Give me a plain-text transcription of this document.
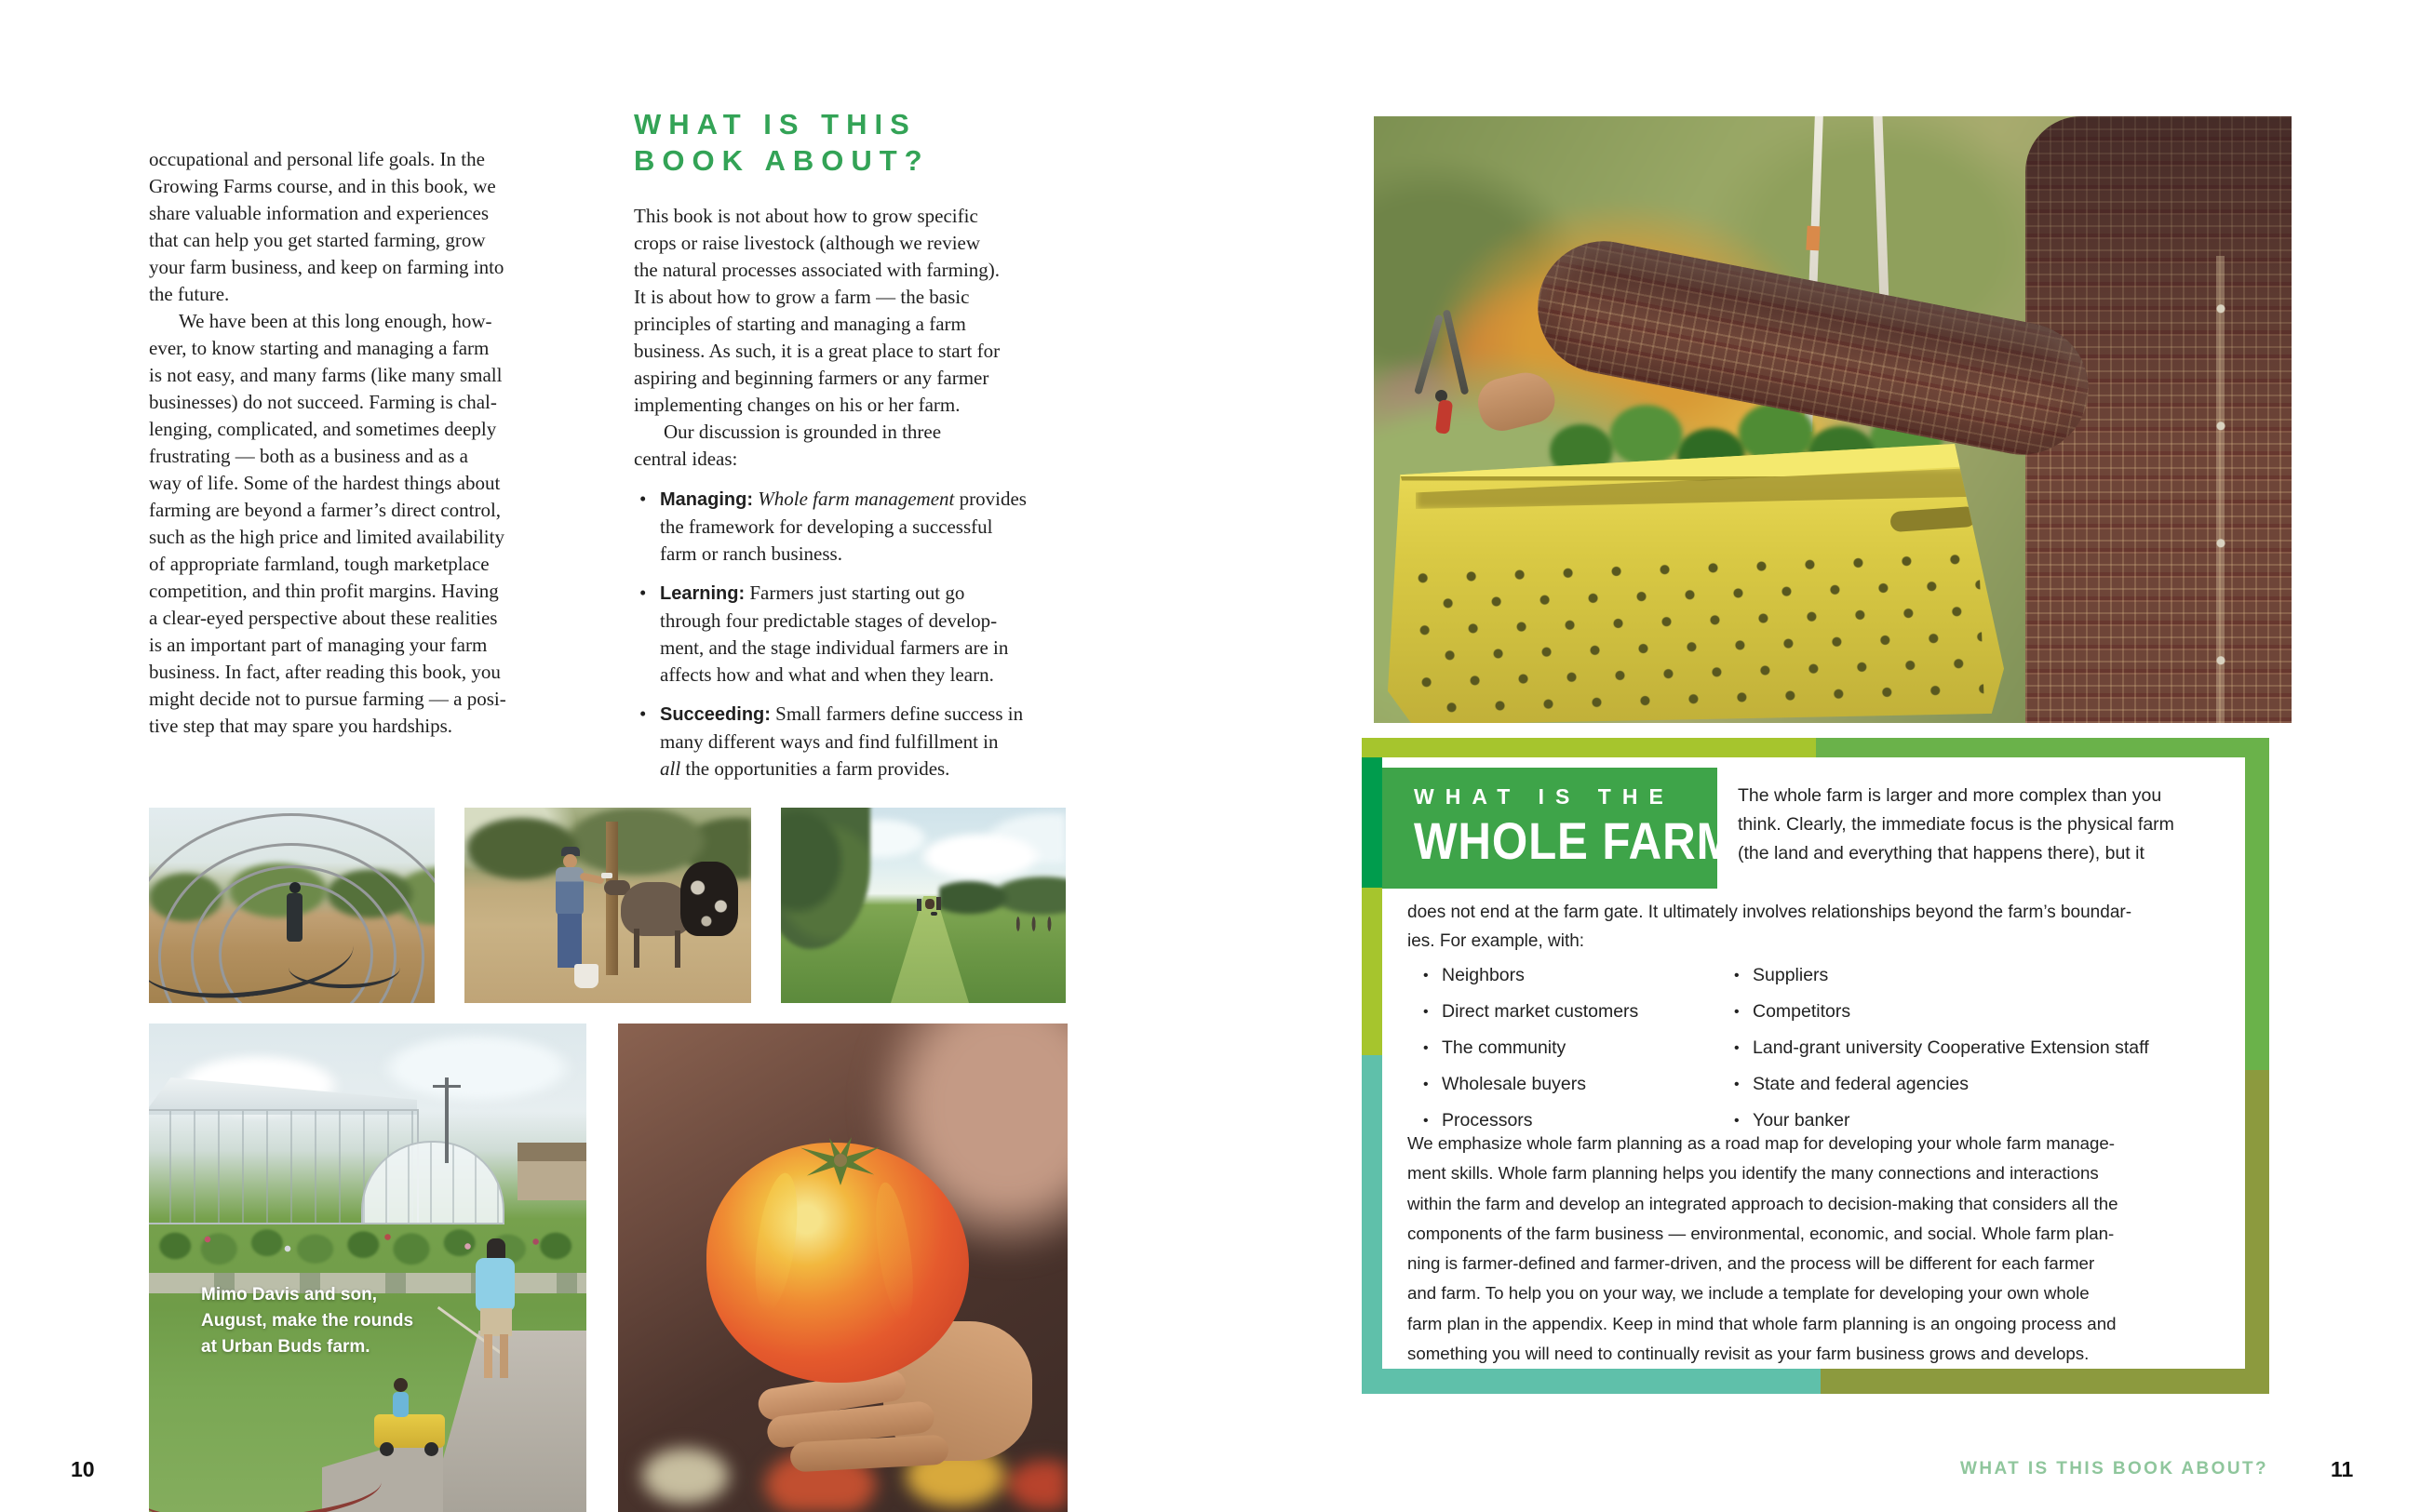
occupational and personal life goals. In the
Growing Farms course, and in this book, we
share valuable information and experiences
that can help you get started farming, grow
your farm business, and keep on farming into
the future.

We have been at this long enough, how-
ever, to know starting and managing a farm
is not easy, and many farms (like many small
businesses) do not succeed. Farming is chal-
lenging, complicated, and sometimes deeply
frustrating — both as a business and as a
way of life. Some of the hardest things about
farming are beyond a farmer’s direct control,
such as the high price and limited availability
of appropriate farmland, tough marketplace
competition, and thin profit margins. Having
a clear-eyed perspective about these realities
is an important part of managing your farm
business. In fact, after reading this book, you
might decide not to pursue farming — a posi-
tive step that may spare you hardships.

WHAT IS THIS
BOOK ABOUT?

This book is not about how to grow specific
crops or raise livestock (although we review
the natural processes associated with farming).
It is about how to grow a farm — the basic
principles of starting and managing a farm
business. As such, it is a great place to start for
aspiring and beginning farmers or any farmer
implementing changes on his or her farm.

Our discussion is grounded in three
central ideas:

• Managing: Whole farm management provides
the framework for developing a successful
farm or ranch business.
• Learning: Farmers just starting out go
through four predictable stages of develop-
ment, and the stage individual farmers are in
affects how and what and when they learn.
• Succeeding: Small farmers define success in
many different ways and find fulfillment in
all the opportunities a farm provides.
Mimo Davis and son,
August, make the rounds
at Urban Buds farm.
10
WHAT IS THE
WHOLE FARM?
The whole farm is larger and more complex than you
think. Clearly, the immediate focus is the physical farm
(the land and everything that happens there), but it
does not end at the farm gate. It ultimately involves relationships beyond the farm’s boundar-
ies. For example, with:
• Neighbors
• Direct market customers
• The community
• Wholesale buyers
• Processors
• Suppliers
• Competitors
• Land-grant university Cooperative Extension staff
• State and federal agencies
• Your banker
We emphasize whole farm planning as a road map for developing your whole farm manage-
ment skills. Whole farm planning helps you identify the many connections and interactions
within the farm and develop an integrated approach to decision-making that considers all the
components of the farm business — environmental, economic, and social. Whole farm plan-
ning is farmer-defined and farmer-driven, and the process will be different for each farmer
and farm. To help you on your way, we include a template for developing your own whole
farm plan in the appendix. Keep in mind that whole farm planning is an ongoing process and
something you will need to continually revisit as your farm business grows and develops.
WHAT IS THIS BOOK ABOUT?	11
